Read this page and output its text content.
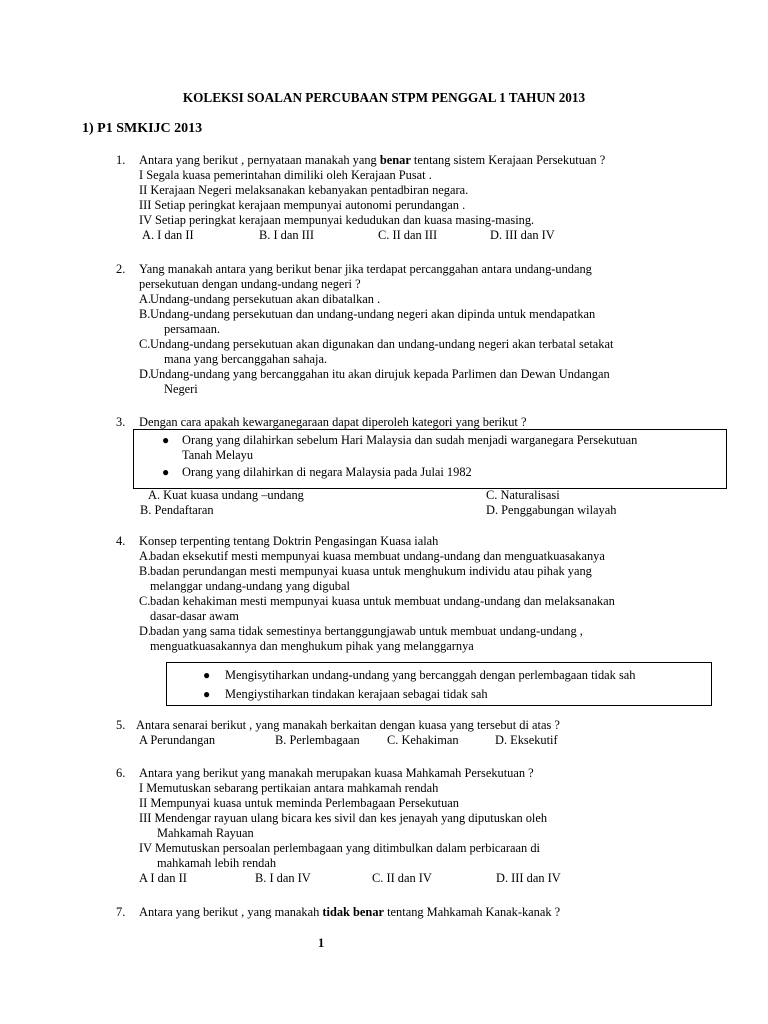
KOLEKSI SOALAN PERCUBAAN STPM PENGGAL 1 TAHUN 2013
1) P1 SMKIJC 2013
1. Antara yang berikut , pernyataan manakah yang benar tentang sistem Kerajaan Persekutuan ?
I Segala kuasa pemerintahan dimiliki oleh Kerajaan Pusat .
II Kerajaan Negeri melaksanakan kebanyakan pentadbiran negara.
III Setiap peringkat kerajaan mempunyai autonomi perundangan .
IV Setiap peringkat kerajaan mempunyai kedudukan dan kuasa masing-masing.
A. I dan II	B. I dan III	C. II dan III	D. III dan IV
2. Yang manakah antara yang berikut benar jika terdapat percanggahan antara undang-undang
persekutuan dengan undang-undang negeri ?
A.
Undang-undang persekutuan akan dibatalkan .
B. Undang-undang persekutuan dan undang-undang negeri akan dipinda untuk mendapatkan
persamaan.
C. Undang-undang persekutuan akan digunakan dan undang-undang negeri akan terbatal setakat
mana yang bercanggahan sahaja.
D.
Undang-undang yang bercanggahan itu akan dirujuk kepada Parlimen dan Dewan Undangan
Negeri
3. Dengan cara apakah kewarganegaraan dapat diperoleh kategori yang berikut ?
● Orang yang dilahirkan sebelum Hari Malaysia dan sudah menjadi warganegara Persekutuan
Tanah Melayu
● Orang yang dilahirkan di negara Malaysia pada Julai 1982
A. Kuat kuasa undang –undang	C. Naturalisasi
B. Pendaftaran	D. Penggabungan wilayah
4. Konsep terpenting tentang Doktrin Pengasingan Kuasa ialah
A.
badan eksekutif mesti mempunyai kuasa membuat undang-undang dan menguatkuasakanya
B. badan perundangan mesti mempunyai kuasa untuk menghukum individu atau pihak yang
melanggar undang-undang yang digubal
C. badan kehakiman mesti mempunyai kuasa untuk membuat undang-undang dan melaksanakan
dasar-dasar awam
D.
badan yang sama tidak semestinya bertanggungjawab untuk membuat undang-undang ,
menguatkuasakannya dan menghukum pihak yang melanggarnya
● Mengisytiharkan undang-undang yang bercanggah dengan perlembagaan tidak sah
● Mengiystiharkan tindakan kerajaan sebagai tidak sah
5. Antara senarai berikut , yang manakah berkaitan dengan kuasa yang tersebut di atas ?
A Perundangan	B. Perlembagaan C. Kehakiman	D. Eksekutif
6. Antara yang berikut yang manakah merupakan kuasa Mahkamah Persekutuan ?
I Memutuskan sebarang pertikaian antara mahkamah rendah
II Mempunyai kuasa untuk meminda Perlembagaan Persekutuan
III Mendengar rayuan ulang bicara kes sivil dan kes jenayah yang diputuskan oleh
Mahkamah Rayuan
IV Memutuskan persoalan perlembagaan yang ditimbulkan dalam perbicaraan di
mahkamah lebih rendah
A I dan II	B. I dan IV	C. II dan IV	D. III dan IV
7. Antara yang berikut , yang manakah tidak benar tentang Mahkamah Kanak-kanak ?
1
